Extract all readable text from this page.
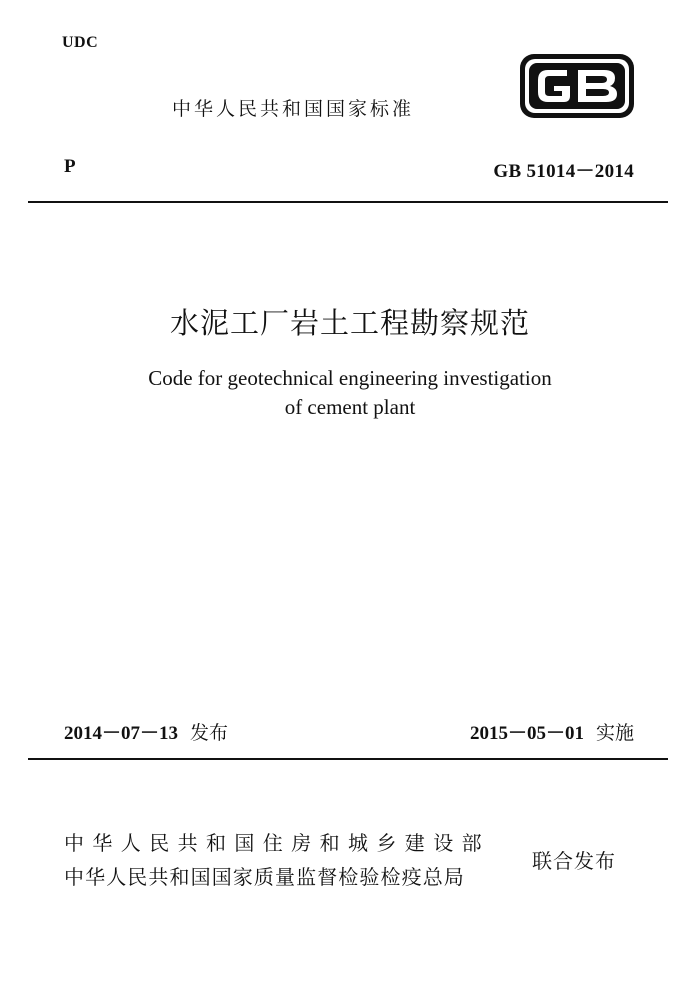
UDC
中华人民共和国国家标准
P	GB 51014－2014
水泥工厂岩土工程勘察规范
Code for geotechnical engineering investigation
of cement plant
2014－07－13 发布	2015－05－01 实施
中华人民共和国住房和城乡建设部
中华人民共和国国家质量监督检验检疫总局
联合发布
